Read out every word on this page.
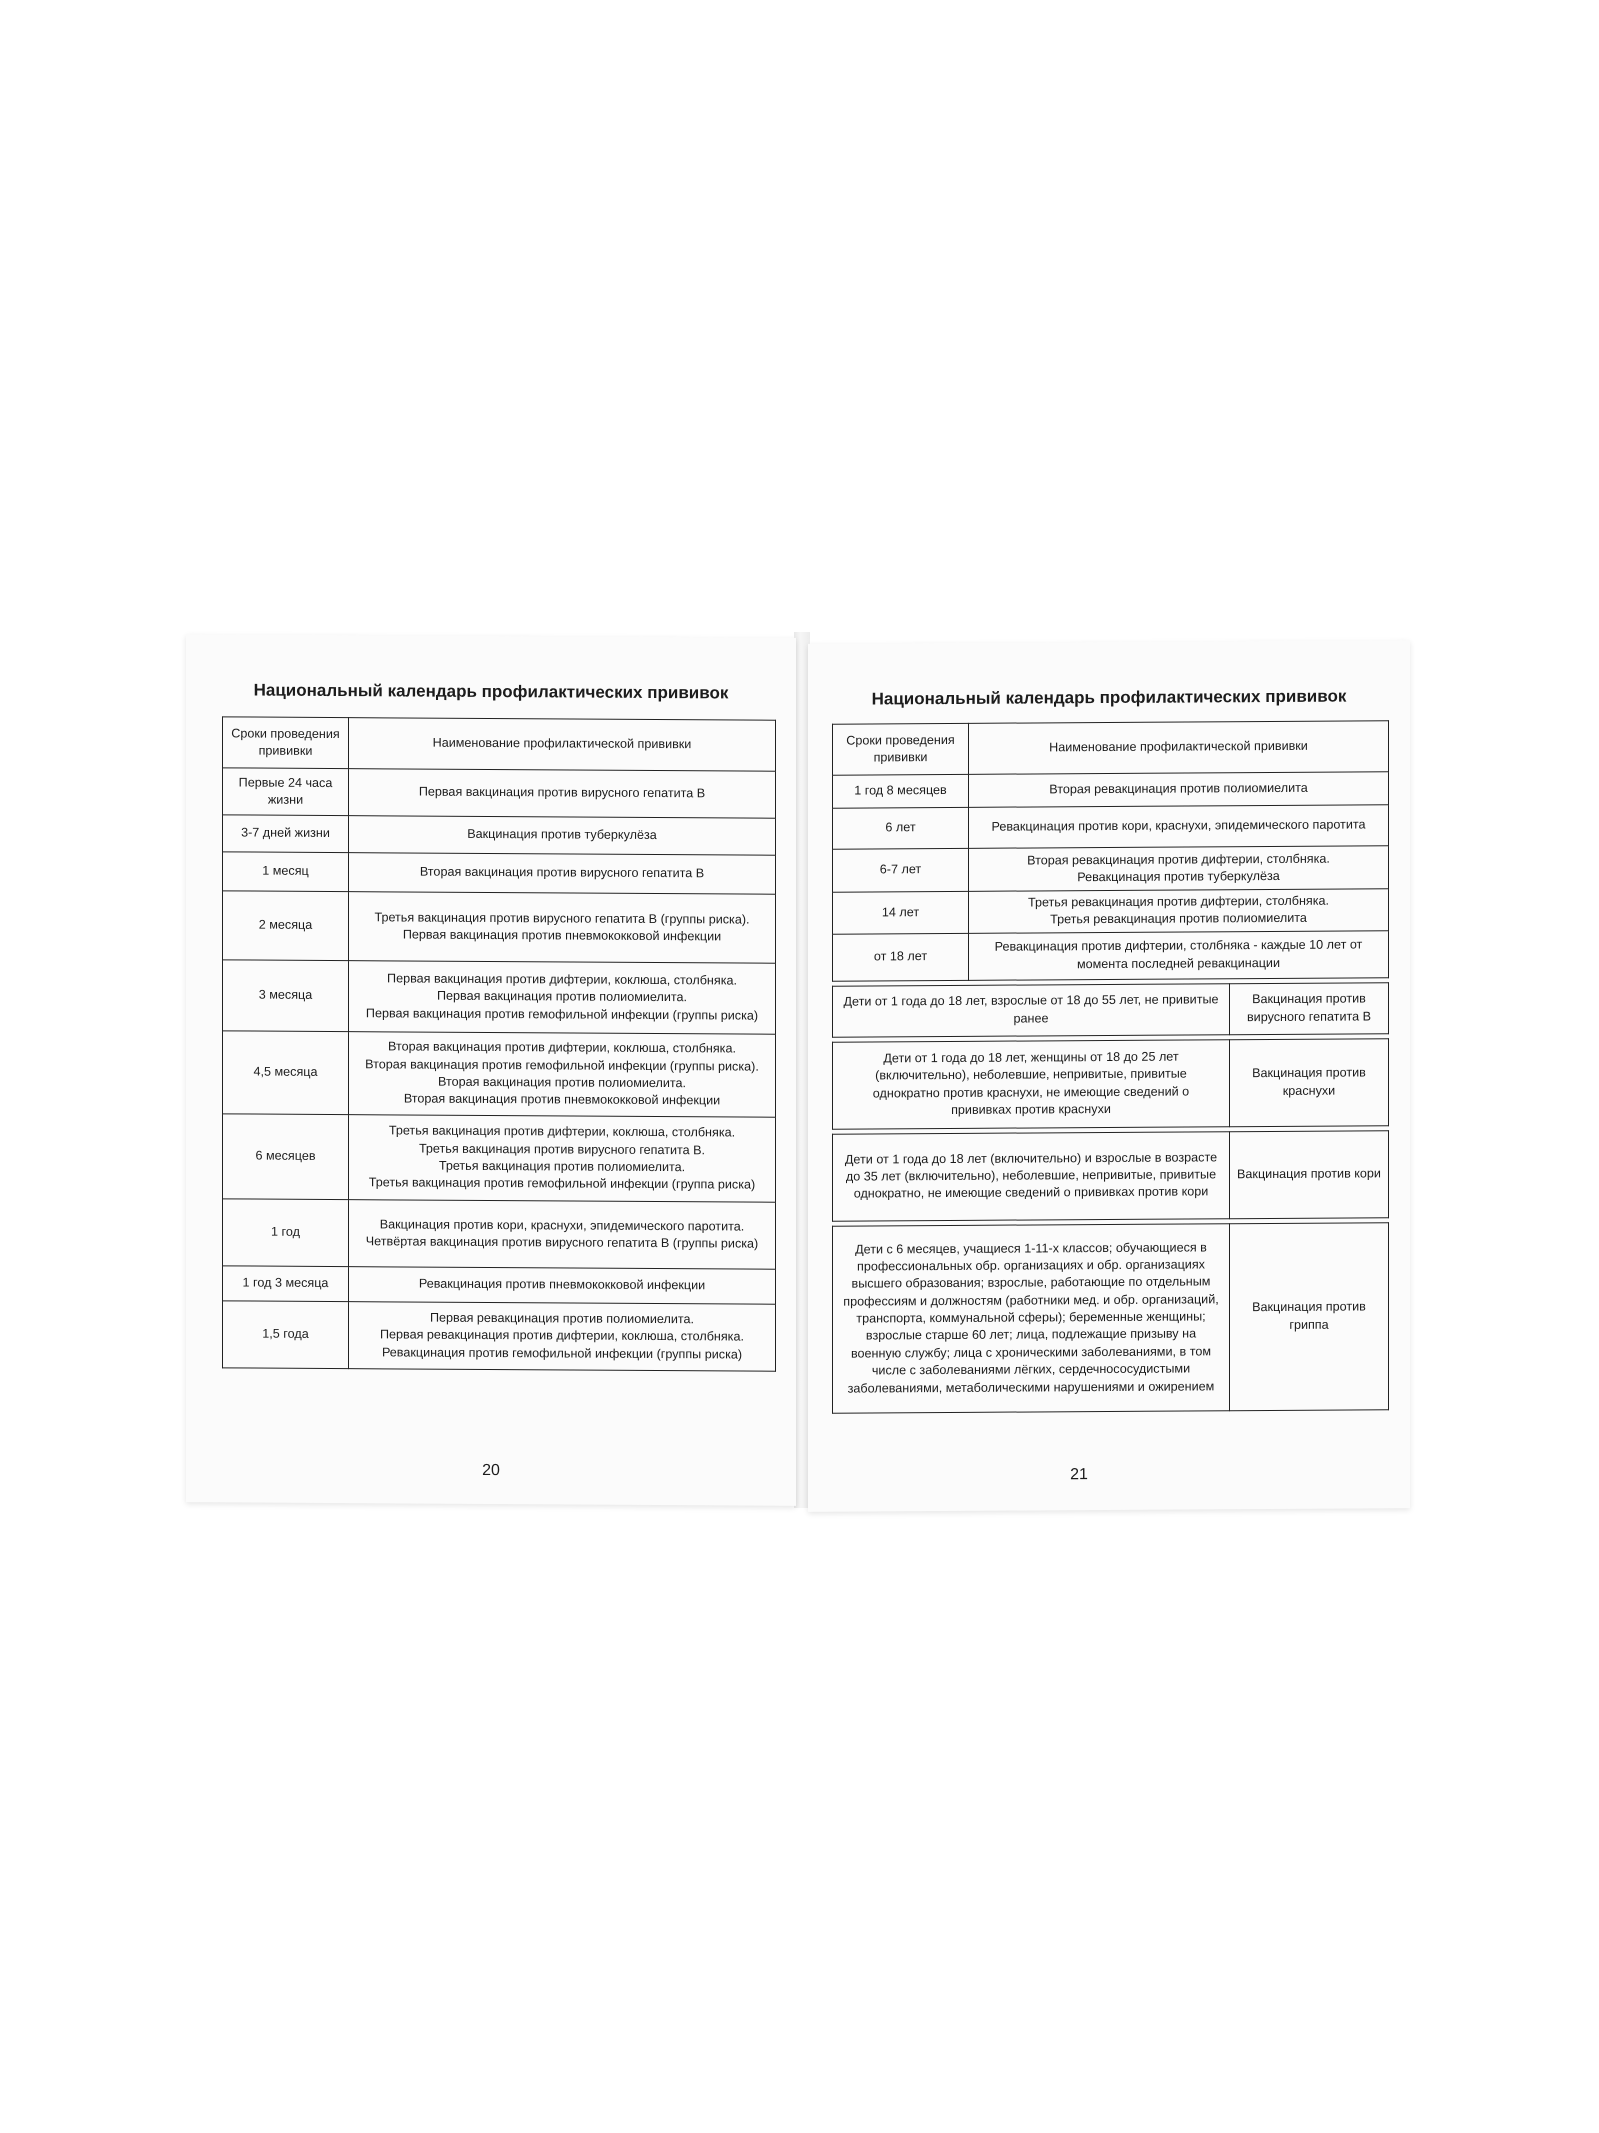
Национальный календарь профилактических прививок
Сроки проведения прививки	Наименование профилактической прививки
Первые 24 часа жизни	Первая вакцинация против вирусного гепатита В

3-7 дней жизни	Вакцинация против туберкулёза

1 месяц	Вторая вакцинация против вирусного гепатита В

2 месяца	Третья вакцинация против вирусного гепатита В (группы риска).
Первая вакцинация против пневмококковой инфекции

3 месяца	Первая вакцинация против дифтерии, коклюша, столбняка.
Первая вакцинация против полиомиелита.
Первая вакцинация против гемофильной инфекции (группы риска)

4,5 месяца	Вторая вакцинация против дифтерии, коклюша, столбняка.
Вторая вакцинация против гемофильной инфекции (группы риска).
Вторая вакцинация против полиомиелита.
Вторая вакцинация против пневмококковой инфекции

6 месяцев	Третья вакцинация против дифтерии, коклюша, столбняка.
Третья вакцинация против вирусного гепатита В.
Третья вакцинация против полиомиелита.
Третья вакцинация против гемофильной инфекции (группа риска)

1 год	Вакцинация против кори, краснухи, эпидемического паротита.
Четвёртая вакцинация против вирусного гепатита В (группы риска)

1 год 3 месяца	Ревакцинация против пневмококковой инфекции

1,5 года	Первая ревакцинация против полиомиелита.
Первая ревакцинация против дифтерии, коклюша, столбняка.
Ревакцинация против гемофильной инфекции (группы риска)
20
Национальный календарь профилактических прививок
Сроки проведения прививки	Наименование профилактической прививки	
1 год 8 месяцев	Вторая ревакцинация против полиомиелита	

6 лет	Ревакцинация против кори, краснухи, эпидемического паротита	

6-7 лет	Вторая ревакцинация против дифтерии, столбняка.
Ревакцинация против туберкулёза	

14 лет	Третья ревакцинация против дифтерии, столбняка.
Третья ревакцинация против полиомиелита	

от 18 лет	Ревакцинация против дифтерии, столбняка - каждые 10 лет от момента последней ревакцинации	

Дети от 1 года до 18 лет, взрослые от 18 до 55 лет, не привитые ранее		Вакцинация против вирусного гепатита В

Дети от 1 года до 18 лет, женщины от 18 до 25 лет (включительно), неболевшие, непривитые, привитые однократно против краснухи, не имеющие сведений о прививках против краснухи		Вакцинация против краснухи

Дети от 1 года до 18 лет (включительно) и взрослые в возрасте до 35 лет (включительно), неболевшие, непривитые, привитые однократно, не имеющие сведений о прививках против кори		Вакцинация против кори

Дети с 6 месяцев, учащиеся 1-11-х классов; обучающиеся в профессиональных обр. организациях и обр. организациях высшего образования; взрослые, работающие по отдельным профессиям и должностям (работники мед. и обр. организаций, транспорта, коммунальной сферы); беременные женщины; взрослые старше 60 лет; лица, подлежащие призыву на военную службу; лица с хроническими заболеваниями, в том числе с заболеваниями лёгких, сердечнососудистыми заболеваниями, метаболическими нарушениями и ожирением		Вакцинация против гриппа
21
